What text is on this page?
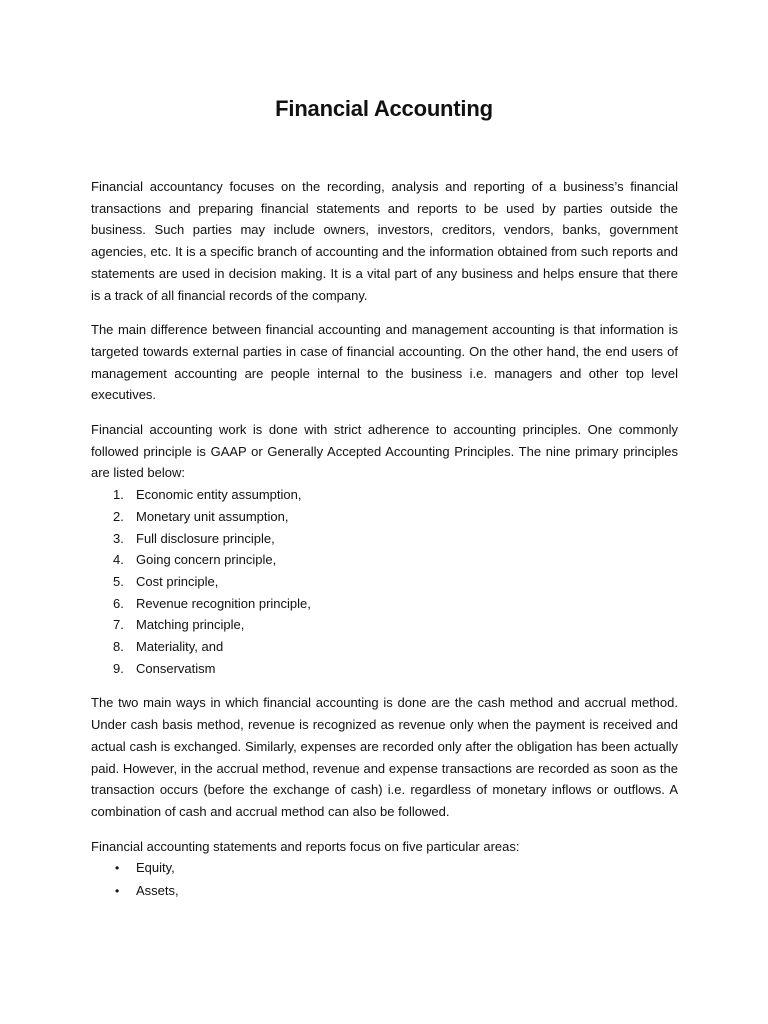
Financial Accounting

Financial accountancy focuses on the recording, analysis and reporting of a business’s financial transactions and preparing financial statements and reports to be used by parties outside the business. Such parties may include owners, investors, creditors, vendors, banks, government agencies, etc. It is a specific branch of accounting and the information obtained from such reports and statements are used in decision making. It is a vital part of any business and helps ensure that there is a track of all financial records of the company.

The main difference between financial accounting and management accounting is that information is targeted towards external parties in case of financial accounting. On the other hand, the end users of management accounting are people internal to the business i.e. managers and other top level executives.

Financial accounting work is done with strict adherence to accounting principles. One commonly followed principle is GAAP or Generally Accepted Accounting Principles. The nine primary principles are listed below:

1. Economic entity assumption,
2. Monetary unit assumption,
3. Full disclosure principle,
4. Going concern principle,
5. Cost principle,
6. Revenue recognition principle,
7. Matching principle,
8. Materiality, and
9. Conservatism

The two main ways in which financial accounting is done are the cash method and accrual method. Under cash basis method, revenue is recognized as revenue only when the payment is received and actual cash is exchanged. Similarly, expenses are recorded only after the obligation has been actually paid. However, in the accrual method, revenue and expense transactions are recorded as soon as the transaction occurs (before the exchange of cash) i.e. regardless of monetary inflows or outflows. A combination of cash and accrual method can also be followed.

Financial accounting statements and reports focus on five particular areas:

•	Equity,
•	Assets,
